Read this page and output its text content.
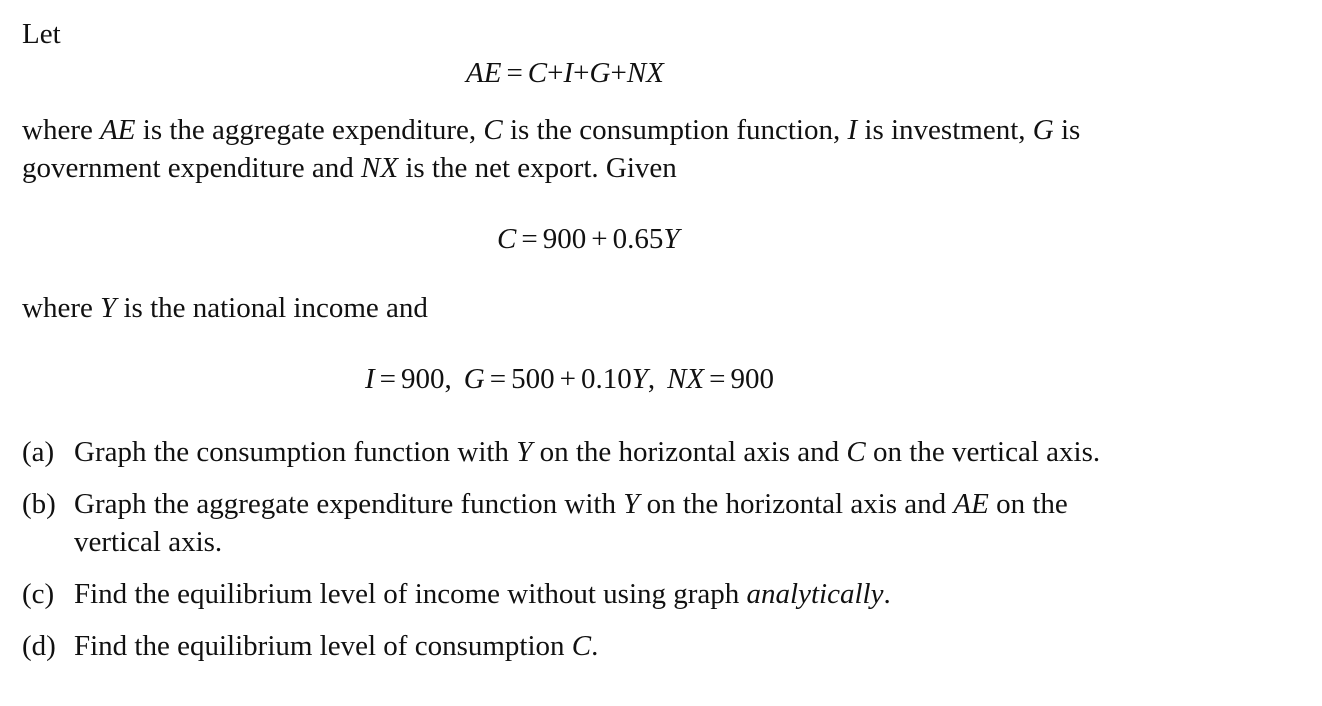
Let
AE = C+I+G+NX
where AE is the aggregate expenditure, C is the consumption function, I is investment, G is
government expenditure and NX is the net export. Given
C = 900 + 0.65Y
where Y is the national income and
I = 900, G = 500 + 0.10Y, NX = 900
(a) Graph the consumption function with Y on the horizontal axis and C on the vertical axis.
(b) Graph the aggregate expenditure function with Y on the horizontal axis and AE on the
vertical axis.
(c) Find the equilibrium level of income without using graph analytically.
(d) Find the equilibrium level of consumption C.
